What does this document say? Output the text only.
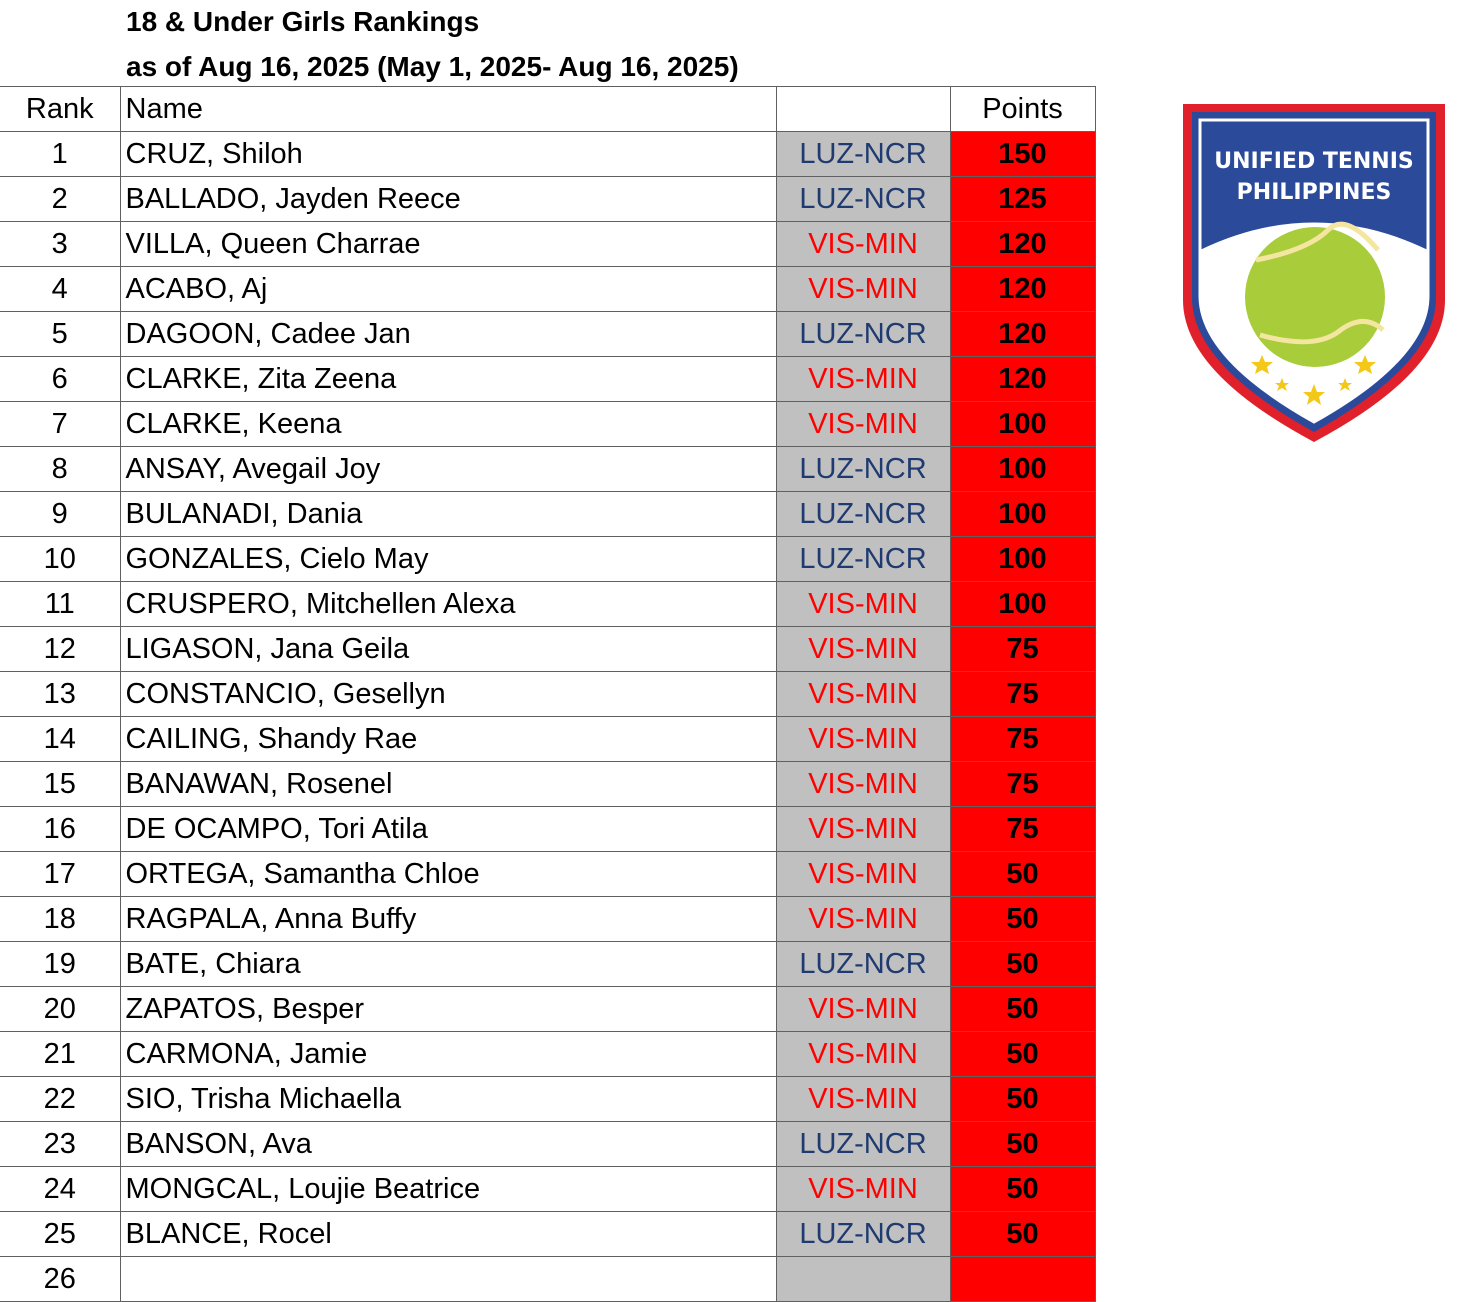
18 & Under Girls Rankings
as of Aug 16, 2025 (May 1, 2025- Aug 16, 2025)
Rank	Name		Points
1	CRUZ, Shiloh	LUZ-NCR	150
2	BALLADO, Jayden Reece	LUZ-NCR	125
3	VILLA, Queen Charrae	VIS-MIN	120
4	ACABO, Aj	VIS-MIN	120
5	DAGOON, Cadee Jan	LUZ-NCR	120
6	CLARKE, Zita Zeena	VIS-MIN	120
7	CLARKE, Keena	VIS-MIN	100
8	ANSAY, Avegail Joy	LUZ-NCR	100
9	BULANADI, Dania	LUZ-NCR	100
10	GONZALES, Cielo May	LUZ-NCR	100
11	CRUSPERO, Mitchellen Alexa	VIS-MIN	100
12	LIGASON, Jana Geila	VIS-MIN	75
13	CONSTANCIO, Gesellyn	VIS-MIN	75
14	CAILING, Shandy Rae	VIS-MIN	75
15	BANAWAN, Rosenel	VIS-MIN	75
16	DE OCAMPO, Tori Atila	VIS-MIN	75
17	ORTEGA, Samantha Chloe	VIS-MIN	50
18	RAGPALA, Anna Buffy	VIS-MIN	50
19	BATE, Chiara	LUZ-NCR	50
20	ZAPATOS, Besper	VIS-MIN	50
21	CARMONA, Jamie	VIS-MIN	50
22	SIO, Trisha Michaella	VIS-MIN	50
23	BANSON, Ava	LUZ-NCR	50
24	MONGCAL, Loujie Beatrice	VIS-MIN	50
25	BLANCE, Rocel	LUZ-NCR	50
26			
UNIFIED TENNIS
PHILIPPINES
